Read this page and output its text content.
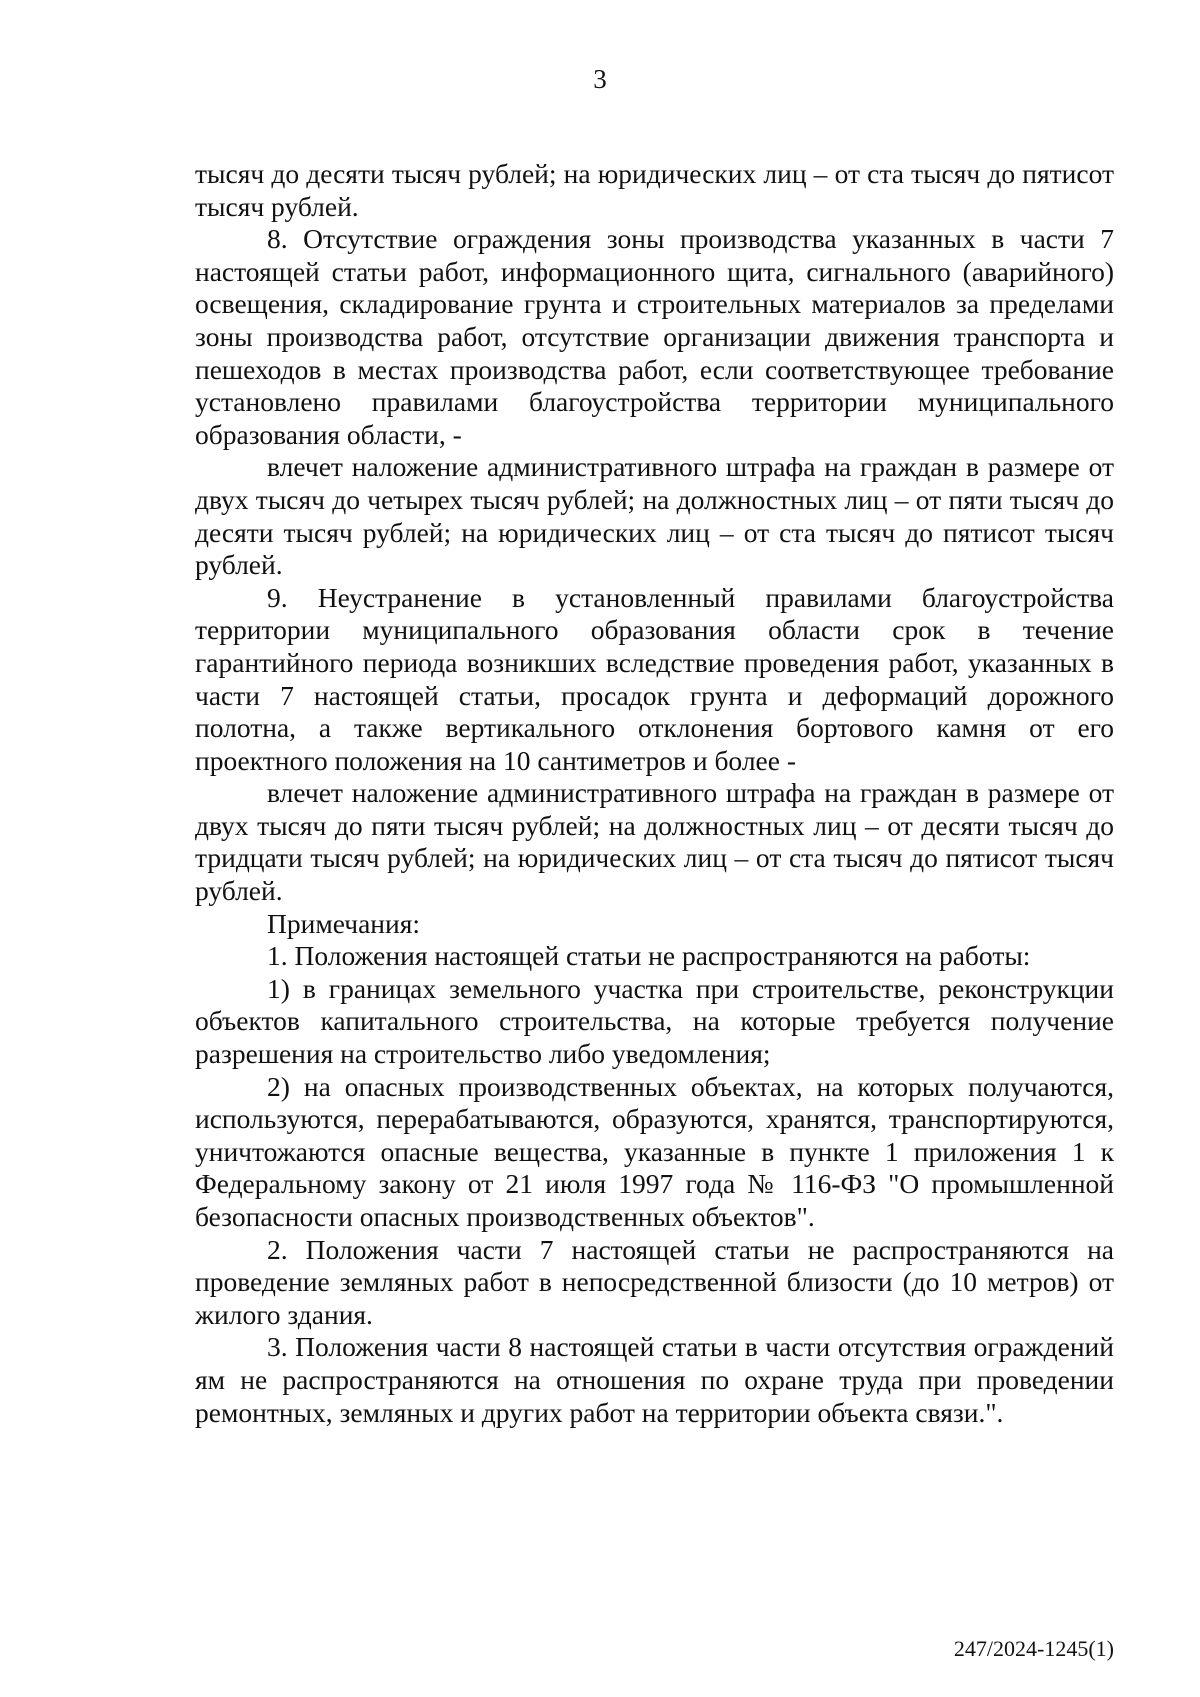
3

тысяч до десяти тысяч рублей; на юридических лиц – от ста тысяч до пятисот тысяч рублей.

8. Отсутствие ограждения зоны производства указанных в части 7 настоящей статьи работ, информационного щита, сигнального (аварийного) освещения, складирование грунта и строительных материалов за пределами зоны производства работ, отсутствие организации движения транспорта и пешеходов в местах производства работ, если соответствующее требование установлено правилами благоустройства территории муниципального образования области, -

влечет наложение административного штрафа на граждан в размере от двух тысяч до четырех тысяч рублей; на должностных лиц – от пяти тысяч до десяти тысяч рублей; на юридических лиц – от ста тысяч до пятисот тысяч рублей.

9. Неустранение в установленный правилами благоустройства территории муниципального образования области срок в течение гарантийного периода возникших вследствие проведения работ, указанных в части 7 настоящей статьи, просадок грунта и деформаций дорожного полотна, а также вертикального отклонения бортового камня от его проектного положения на 10 сантиметров и более -

влечет наложение административного штрафа на граждан в размере от двух тысяч до пяти тысяч рублей; на должностных лиц – от десяти тысяч до тридцати тысяч рублей; на юридических лиц – от ста тысяч до пятисот тысяч рублей.

Примечания:

1. Положения настоящей статьи не распространяются на работы:

1) в границах земельного участка при строительстве, реконструкции объектов капитального строительства, на которые требуется получение разрешения на строительство либо уведомления;

2) на опасных производственных объектах, на которых получаются, используются, перерабатываются, образуются, хранятся, транспортируются, уничтожаются опасные вещества, указанные в пункте 1 приложения 1 к Федеральному закону от 21 июля 1997 года № 116-ФЗ "О промышленной безопасности опасных производственных объектов".

2. Положения части 7 настоящей статьи не распространяются на проведение земляных работ в непосредственной близости (до 10 метров) от жилого здания.

3. Положения части 8 настоящей статьи в части отсутствия ограждений ям не распространяются на отношения по охране труда при проведении ремонтных, земляных и других работ на территории объекта связи.".

247/2024-1245(1)
